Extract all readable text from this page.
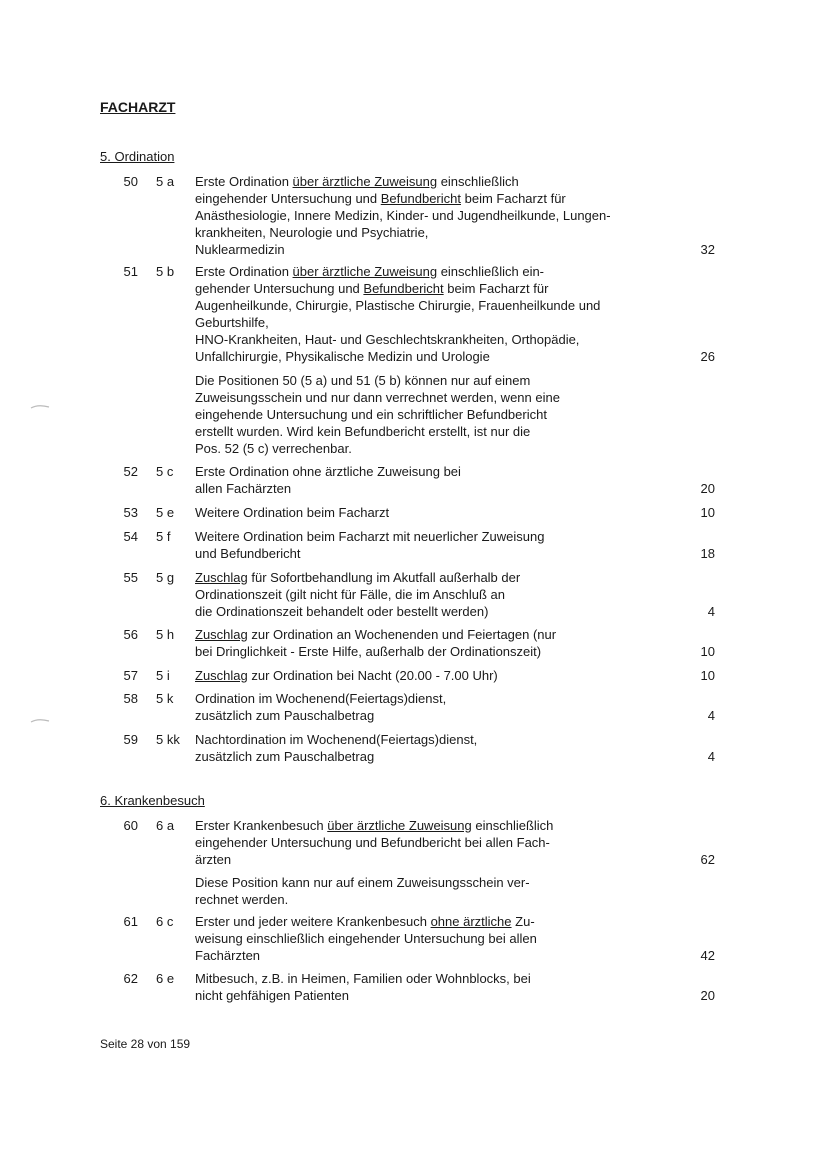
FACHARZT
5. Ordination
6. Krankenbesuch
50 5 a	Erste Ordination über ärztliche Zuweisung einschließlich
eingehender Untersuchung und Befundbericht beim Facharzt für
Anästhesiologie, Innere Medizin, Kinder- und Jugendheilkunde, Lungen-
krankheiten, Neurologie und Psychiatrie,
Nuklearmedizin	32
51 5 b	Erste Ordination über ärztliche Zuweisung einschließlich ein-
gehender Untersuchung und Befundbericht beim Facharzt für
Augenheilkunde, Chirurgie, Plastische Chirurgie, Frauenheilkunde und
Geburtshilfe,
HNO-Krankheiten, Haut- und Geschlechtskrankheiten, Orthopädie,
Unfallchirurgie, Physikalische Medizin und Urologie	26
52 5 c	Erste Ordination ohne ärztliche Zuweisung bei
allen Fachärzten	20
53 5 e	Weitere Ordination beim Facharzt	10
54 5 f	Weitere Ordination beim Facharzt mit neuerlicher Zuweisung
und Befundbericht	18
55 5 g	Zuschlag für Sofortbehandlung im Akutfall außerhalb der
Ordinationszeit (gilt nicht für Fälle, die im Anschluß an
die Ordinationszeit behandelt oder bestellt werden)	4
56 5 h	Zuschlag zur Ordination an Wochenenden und Feiertagen (nur
bei Dringlichkeit - Erste Hilfe, außerhalb der Ordinationszeit)	10
57 5 i	Zuschlag zur Ordination bei Nacht (20.00 - 7.00 Uhr)	10
58 5 k	Ordination im Wochenend(Feiertags)dienst,
zusätzlich zum Pauschalbetrag	4
59 5 kk	Nachtordination im Wochenend(Feiertags)dienst,
zusätzlich zum Pauschalbetrag	4
60 6 a	Erster Krankenbesuch über ärztliche Zuweisung einschließlich
eingehender Untersuchung und Befundbericht bei allen Fach-
ärzten	62
61 6 c	Erster und jeder weitere Krankenbesuch ohne ärztliche Zu-
weisung einschließlich eingehender Untersuchung bei allen
Fachärzten	42
62 6 e	Mitbesuch, z.B. in Heimen, Familien oder Wohnblocks, bei
nicht gehfähigen Patienten	20
Die Positionen 50 (5 a) und 51 (5 b) können nur auf einem
Zuweisungsschein und nur dann verrechnet werden, wenn eine
eingehende Untersuchung und ein schriftlicher Befundbericht
erstellt wurden. Wird kein Befundbericht erstellt, ist nur die
Pos. 52 (5 c) verrechenbar.
Diese Position kann nur auf einem Zuweisungsschein ver-
rechnet werden.
Seite 28 von 159
